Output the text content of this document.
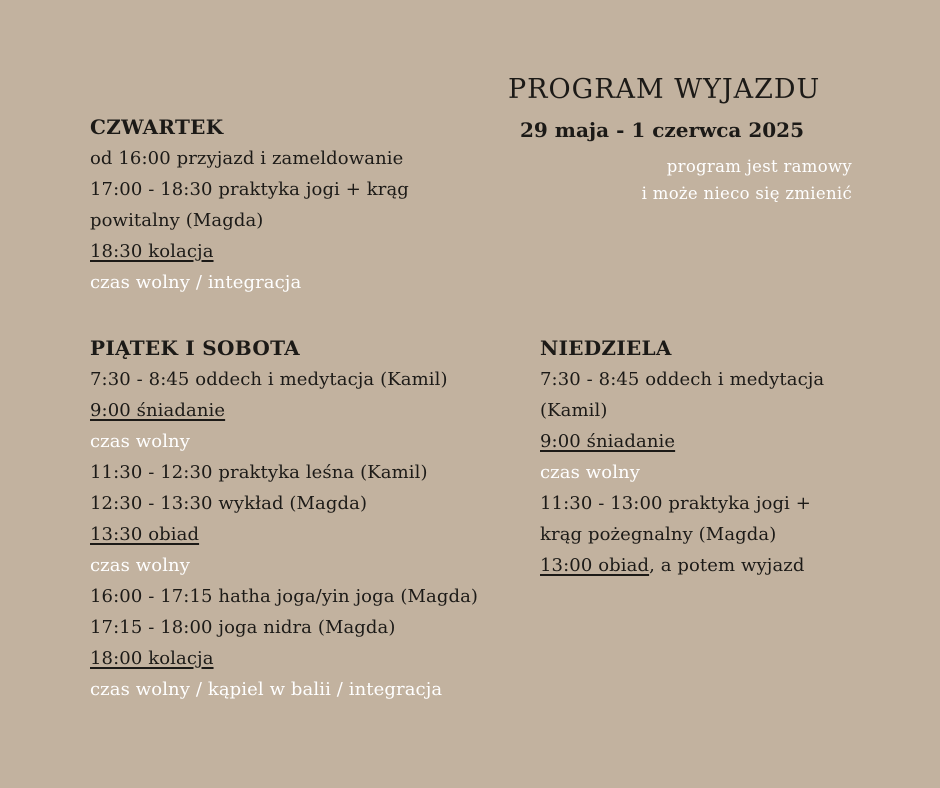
PROGRAM WYJAZDU
29 maja - 1 czerwca 2025
program jest ramowy
i może nieco się zmienić
CZWARTEK
od 16:00 przyjazd i zameldowanie
17:00 - 18:30 praktyka jogi + krąg
powitalny (Magda)
18:30 kolacja
czas wolny / integracja
PIĄTEK I SOBOTA
7:30 - 8:45 oddech i medytacja (Kamil)
9:00 śniadanie
czas wolny
11:30 - 12:30 praktyka leśna (Kamil)
12:30 - 13:30 wykład (Magda)
13:30 obiad
czas wolny
16:00 - 17:15 hatha joga/yin joga (Magda)
17:15 - 18:00 joga nidra (Magda)
18:00 kolacja
czas wolny / kąpiel w balii / integracja
NIEDZIELA
7:30 - 8:45 oddech i medytacja
(Kamil)
9:00 śniadanie
czas wolny
11:30 - 13:00 praktyka jogi +
krąg pożegnalny (Magda)
13:00 obiad, a potem wyjazd
